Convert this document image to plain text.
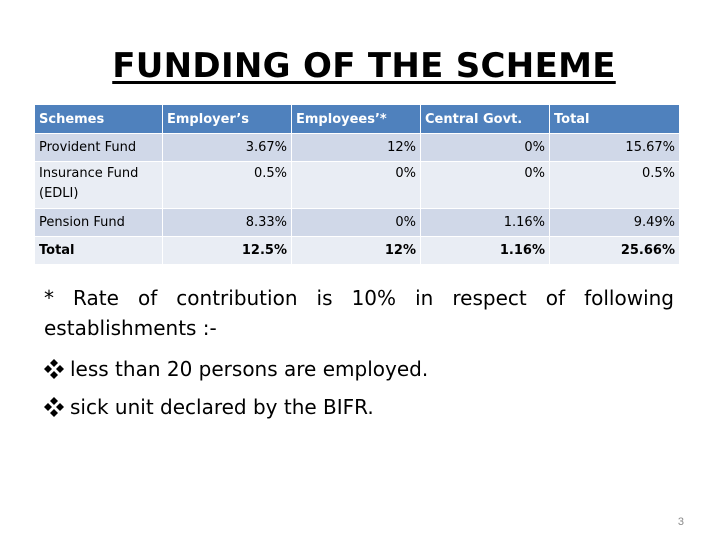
FUNDING OF THE SCHEME
Schemes	Employer’s	Employees’*	Central Govt.	Total
Provident Fund	3.67%	12%	0%	15.67%
Insurance Fund (EDLI)	0.5%	0%	0%	0.5%
Pension Fund	8.33%	0%	1.16%	9.49%
Total	12.5%	12%	1.16%	25.66%
* Rate of contribution is 10% in respect of following establishments :-
less than 20 persons are employed.
sick unit declared by the BIFR.
3
